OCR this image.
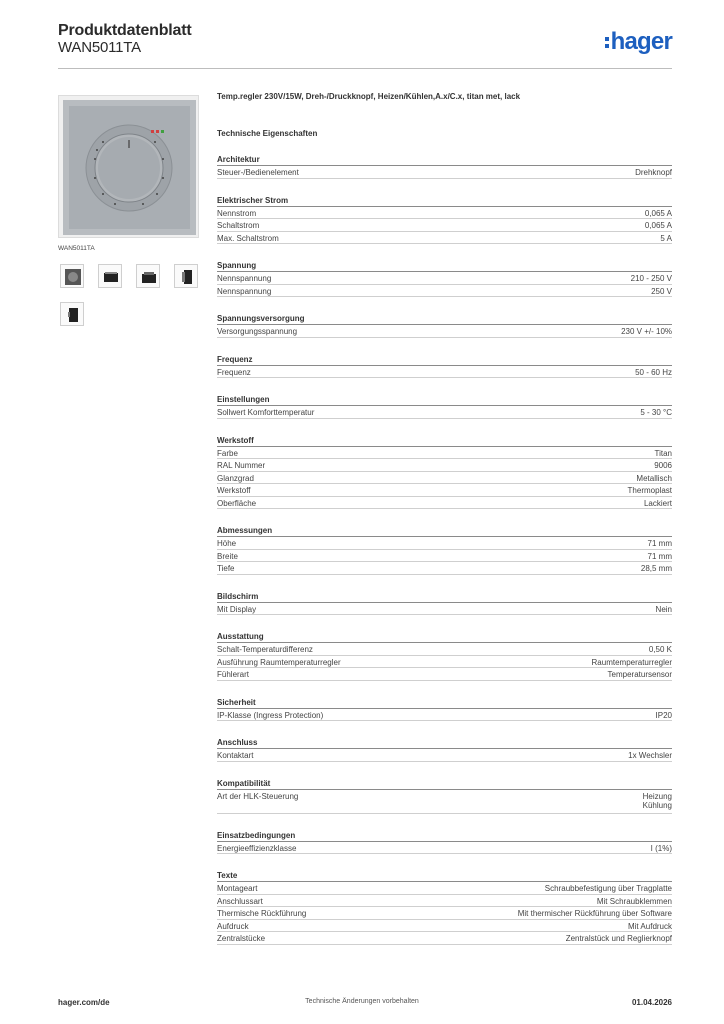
Produktdatenblatt
WAN5011TA	hager
WAN5011TA
Temp.regler 230V/15W, Dreh-/Druckknopf, Heizen/Kühlen,A.x/C.x, titan met, lack
Technische Eigenschaften
Architektur
Steuer-/Bedienelement	Drehknopf
Elektrischer Strom
Nennstrom	0,065 A
Schaltstrom	0,065 A
Max. Schaltstrom	5 A
Spannung
Nennspannung	210 - 250 V
Nennspannung	250 V
Spannungsversorgung
Versorgungsspannung	230 V +/- 10%
Frequenz
Frequenz	50 - 60 Hz
Einstellungen
Sollwert Komforttemperatur	5 - 30 °C
Werkstoff
Farbe	Titan
RAL Nummer	9006
Glanzgrad	Metallisch
Werkstoff	Thermoplast
Oberfläche	Lackiert
Abmessungen
Höhe	71 mm
Breite	71 mm
Tiefe	28,5 mm
Bildschirm
Mit Display	Nein
Ausstattung
Schalt-Temperaturdifferenz	0,50 K
Ausführung Raumtemperaturregler	Raumtemperaturregler
Fühlerart	Temperatursensor
Sicherheit
IP-Klasse (Ingress Protection)	IP20
Anschluss
Kontaktart	1x Wechsler
Kompatibilität
Art der HLK-Steuerung	Heizung
Kühlung
Einsatzbedingungen
Energieeffizienzklasse	I (1%)
Texte
Montageart	Schraubbefestigung über Tragplatte
Anschlussart	Mit Schraubklemmen
Thermische Rückführung	Mit thermischer Rückführung über Software
Aufdruck	Mit Aufdruck
Zentralstücke	Zentralstück und Reglierknopf
hager.com/de	Technische Änderungen vorbehalten	01.04.2026
